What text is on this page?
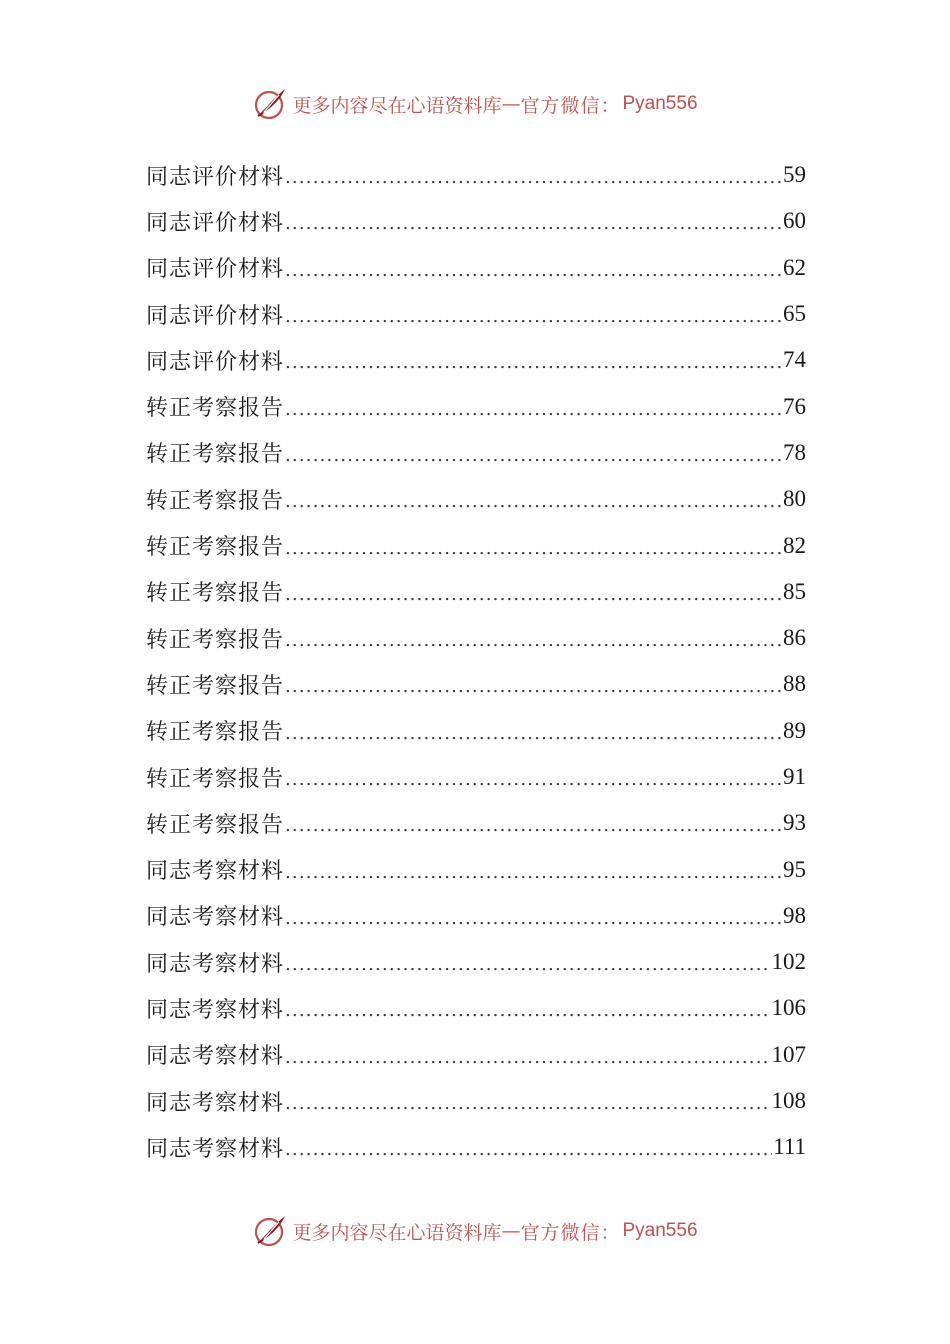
更多内容尽在心语资料库 — 官方微信： Pyan556
同志评价材料 .....	59
同志评价材料 .....	60
同志评价材料 .....	62
同志评价材料 .....	65
同志评价材料 .....	74
转正考察报告 .....	76
转正考察报告 .....	78
转正考察报告 .....	80
转正考察报告 .....	82
转正考察报告 .....	85
转正考察报告 .....	86
转正考察报告 .....	88
转正考察报告 .....	89
转正考察报告 .....	91
转正考察报告 .....	93
同志考察材料 .....	95
同志考察材料 .....	98
同志考察材料 .....	102
同志考察材料 .....	106
同志考察材料 .....	107
同志考察材料 .....	108
同志考察材料 .....	111
更多内容尽在心语资料库 — 官方微信： Pyan556
